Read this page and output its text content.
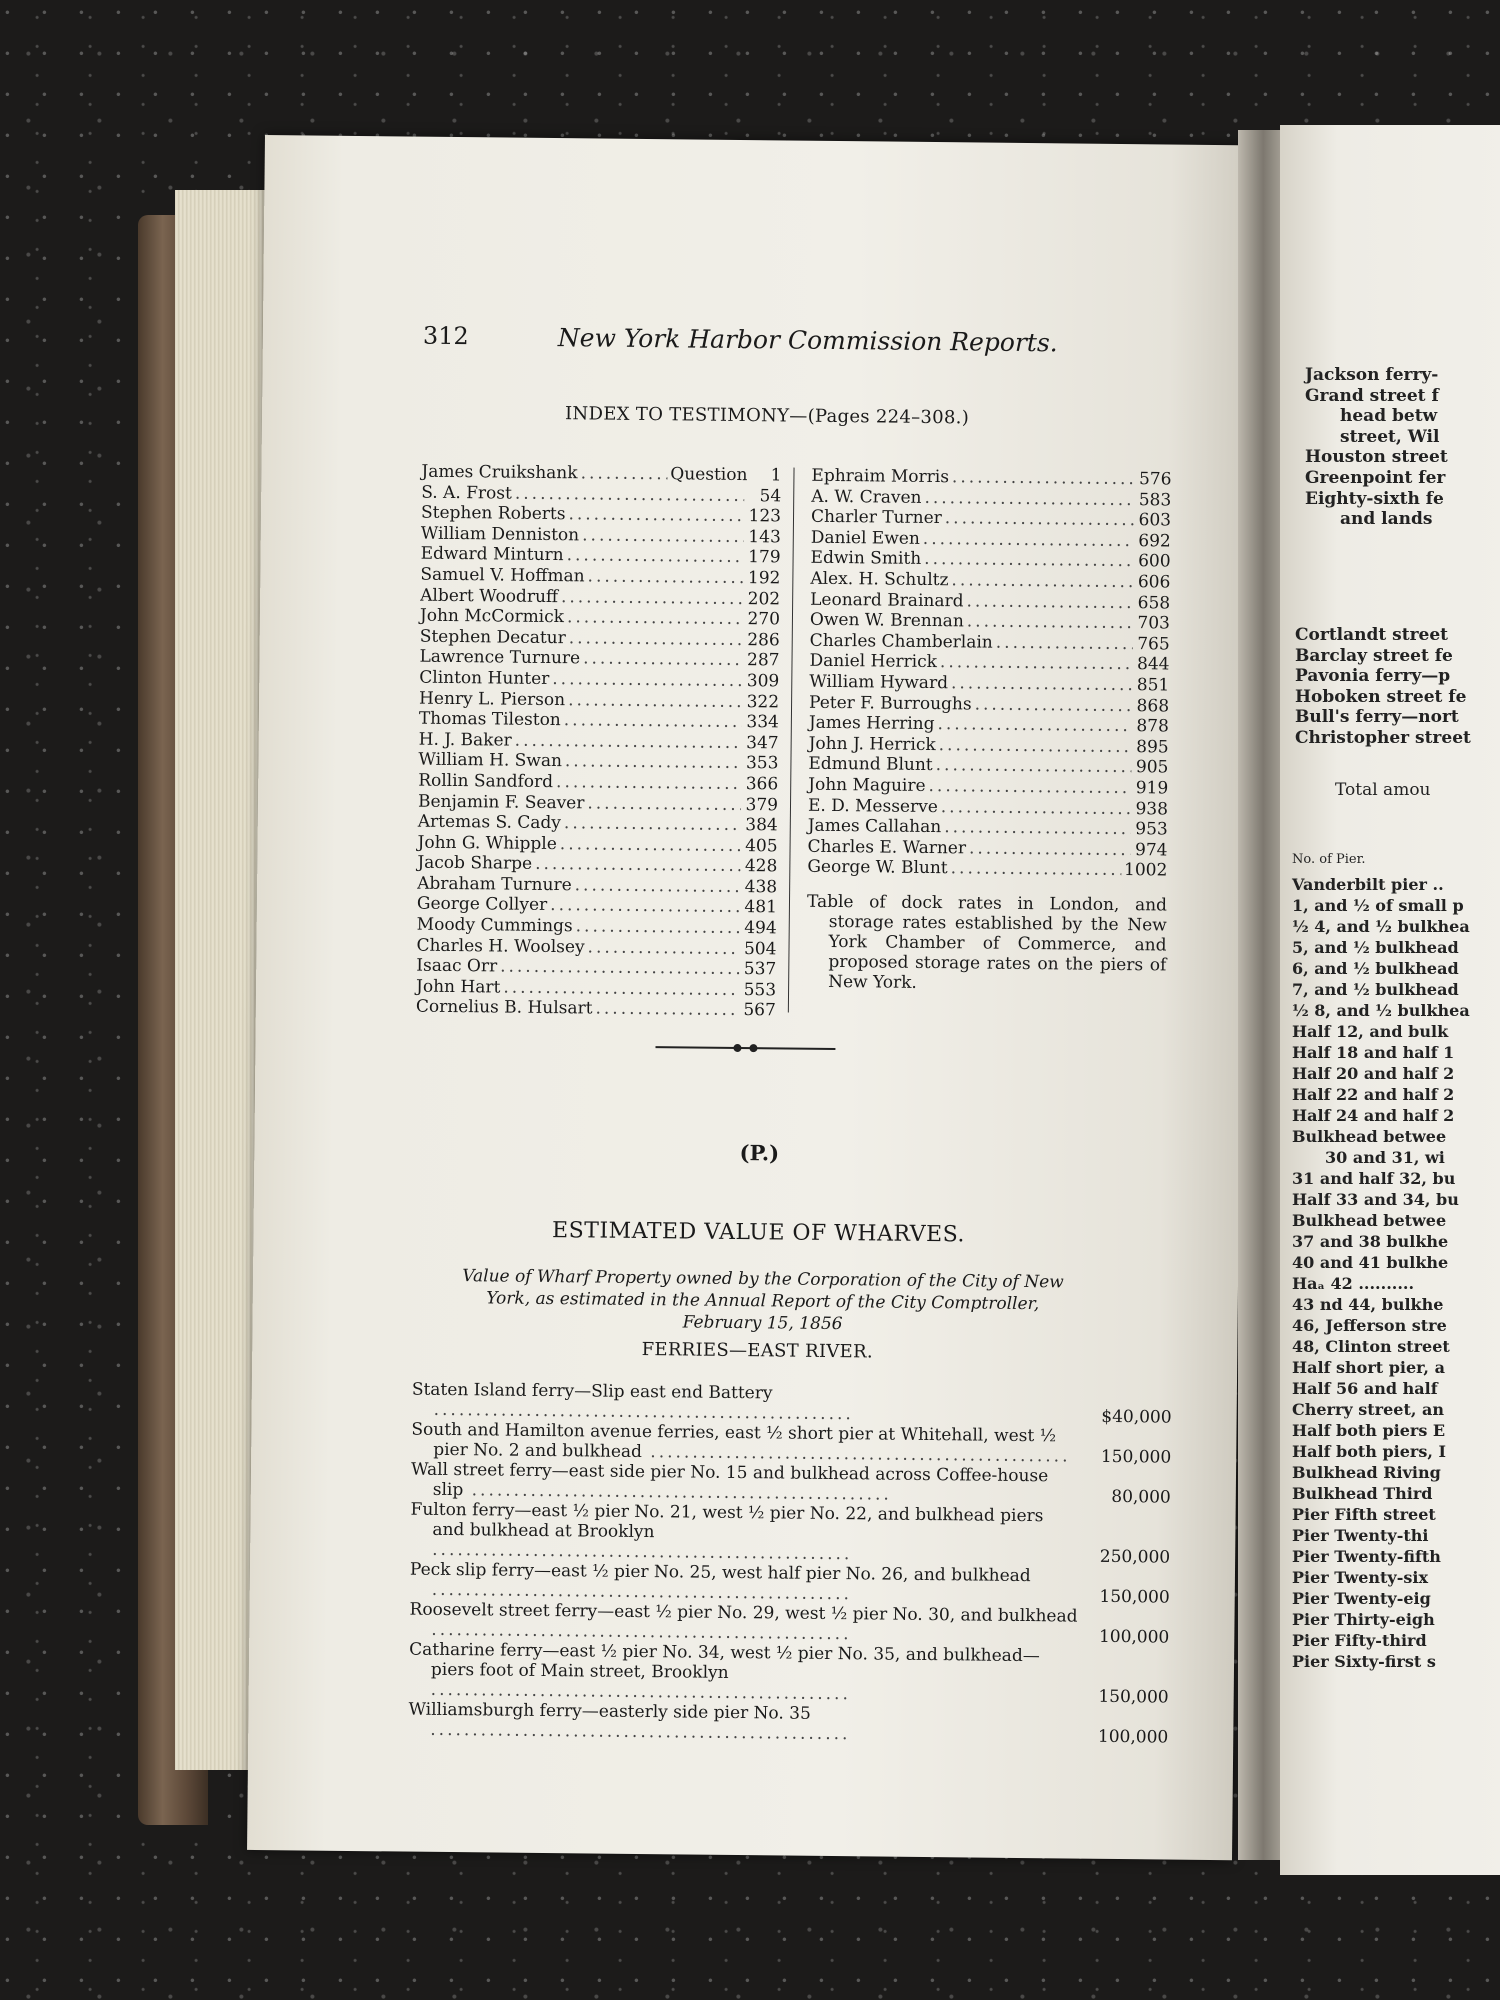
312	New York Harbor Commission Reports.
INDEX TO TESTIMONY—(Pages 224–308.)
James Cruikshank .....	Question	1
S. A. Frost .....	54
Stephen Roberts .....	123
William Denniston .....	143
Edward Minturn .....	179
Samuel V. Hoffman .....	192
Albert Woodruff .....	202
John McCormick .....	270
Stephen Decatur .....	286
Lawrence Turnure .....	287
Clinton Hunter .....	309
Henry L. Pierson .....	322
Thomas Tileston .....	334
H. J. Baker .....	347
William H. Swan .....	353
Rollin Sandford .....	366
Benjamin F. Seaver .....	379
Artemas S. Cady .....	384
John G. Whipple .....	405
Jacob Sharpe .....	428
Abraham Turnure .....	438
George Collyer .....	481
Moody Cummings .....	494
Charles H. Woolsey .....	504
Isaac Orr .....	537
John Hart .....	553
Cornelius B. Hulsart .....	567
Ephraim Morris .....	576
A. W. Craven .....	583
Charler Turner .....	603
Daniel Ewen .....	692
Edwin Smith .....	600
Alex. H. Schultz .....	606
Leonard Brainard .....	658
Owen W. Brennan .....	703
Charles Chamberlain .....	765
Daniel Herrick .....	844
William Hyward .....	851
Peter F. Burroughs .....	868
James Herring .....	878
John J. Herrick .....	895
Edmund Blunt .....	905
John Maguire .....	919
E. D. Messerve .....	938
James Callahan .....	953
Charles E. Warner .....	974
George W. Blunt .....	1002
Table of dock rates in London, and storage rates established by the New York Chamber of Commerce, and proposed storage rates on the piers of New York.
(P.)
ESTIMATED VALUE OF WHARVES.
Value of Wharf Property owned by the Corporation of the City of New York, as estimated in the Annual Report of the City Comptroller, February 15, 1856
FERRIES—EAST RIVER.
Staten Island ferry—Slip east end Battery ..................................................	$40,000
South and Hamilton avenue ferries, east ½ short pier at Whitehall, west ½ pier No. 2 and bulkhead ..................................................	150,000
Wall street ferry—east side pier No. 15 and bulkhead across Coffee-house slip ..................................................	80,000
Fulton ferry—east ½ pier No. 21, west ½ pier No. 22, and bulkhead piers and bulkhead at Brooklyn ..................................................	250,000
Peck slip ferry—east ½ pier No. 25, west half pier No. 26, and bulkhead ..................................................	150,000
Roosevelt street ferry—east ½ pier No. 29, west ½ pier No. 30, and bulkhead ..................................................	100,000
Catharine ferry—east ½ pier No. 34, west ½ pier No. 35, and bulkhead—piers foot of Main street, Brooklyn ..................................................	150,000
Williamsburgh ferry—easterly side pier No. 35 ..................................................	100,000
Jackson ferry-
Grand street f
head betw
street, Wil
Houston street
Greenpoint fer
Eighty-sixth fe
and lands
Cortlandt street
Barclay street fe
Pavonia ferry—p
Hoboken street fe
Bull's ferry—nort
Christopher street
Total amou
No. of Pier.
Vanderbilt pier ..
1, and ½ of small p
½ 4, and ½ bulkhea
5, and ½ bulkhead
6, and ½ bulkhead
7, and ½ bulkhead
½ 8, and ½ bulkhea
Half 12, and bulk
Half 18 and half 1
Half 20 and half 2
Half 22 and half 2
Half 24 and half 2
Bulkhead betwee
30 and 31, wi
31 and half 32, bu
Half 33 and 34, bu
Bulkhead betwee
37 and 38 bulkhe
40 and 41 bulkhe
Haₐ 42 ..........
43 nd 44, bulkhe
46, Jefferson stre
48, Clinton street
Half short pier, a
Half 56 and half
Cherry street, an
Half both piers E
Half both piers, I
Bulkhead Riving
Bulkhead Third
Pier Fifth street
Pier Twenty-thi
Pier Twenty-fifth
Pier Twenty-six
Pier Twenty-eig
Pier Thirty-eigh
Pier Fifty-third
Pier Sixty-first s
